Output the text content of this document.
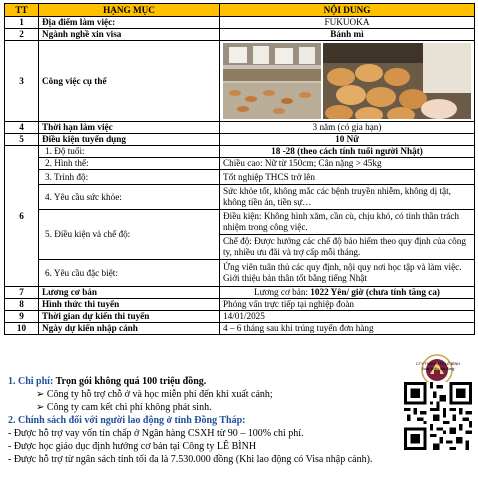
TT	HẠNG MỤC	NỘI DUNG
1	Địa điểm làm việc:	FUKUOKA
2	Ngành nghề xin visa	Bánh mì
3	Công việc cụ thể	

4	Thời hạn làm việc	3 năm (có gia hạn)
5	Điều kiện tuyển dụng	10 Nữ
6	1. Độ tuổi:	18 -28 (theo cách tính tuổi người Nhật)
	2. Hình thể:	Chiều cao: Nữ từ 150cm; Cân nặng > 45kg
	3. Trình độ:	Tốt nghiệp THCS trở lên
	4. Yêu cầu sức khỏe:	Sức khỏe tốt, không mắc các bệnh truyền nhiễm, không dị tật, không tiền án, tiền sự…
	5. Điều kiện và chế độ:	Điều kiện: Không hình xăm, cần cù, chịu khó, có tinh thần trách nhiệm trong công việc.
		Chế độ: Được hưởng các chế độ bảo hiểm theo quy định của công ty, nhiều ưu đãi và trợ cấp mỗi tháng.
	6. Yêu cầu đặc biệt:	Ứng viên tuân thủ các quy định, nội quy nơi học tập và làm việc. Giới thiệu bản thân tốt bằng tiếng Nhật
7	Lương cơ bản	Lương cơ bản: 1022 Yên/ giờ (chưa tính tăng ca)
8	Hình thức thi tuyển	Phỏng vấn trực tiếp tại nghiệp đoàn
9	Thời gian dự kiến thi tuyển	14/01/2025
10	Ngày dự kiến nhập cảnh	4 – 6 tháng sau khi trúng tuyển đơn hàng
1. Chi phí: Trọn gói không quá 100 triệu đồng.
➢ Công ty hỗ trợ chỗ ở và học miễn phí đến khi xuất cảnh;
➢ Công ty cam kết chi phí không phát sinh.
2. Chính sách đối với người lao động ở tỉnh Đồng Tháp:
- Được hỗ trợ vay vốn tín chấp ở Ngân hàng CSXH từ 90 – 100% chi phí.
- Được học giáo dục định hướng cơ bản tại Công ty LÊ BÌNH
- Được hỗ trợ từ ngân sách tỉnh tối đa là 7.530.000 đồng (Khi lao động có Visa nhập cảnh).
CTY TNHH MTV LÊ BÌNH
Xuất khẩu lao động
